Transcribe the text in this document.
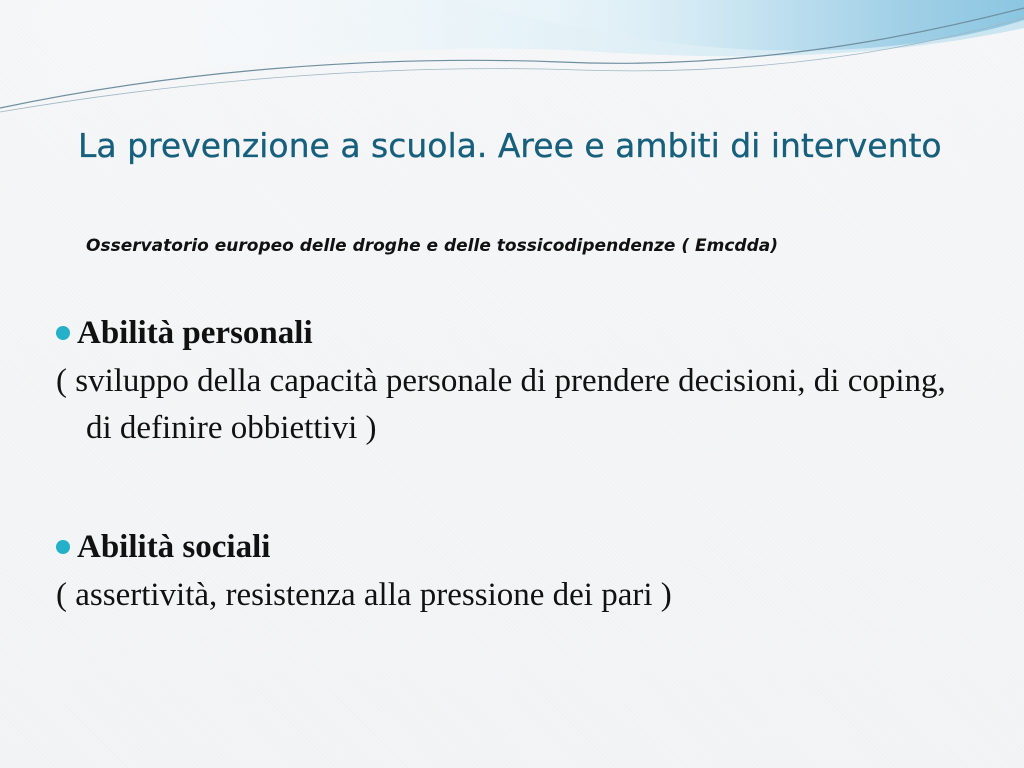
La prevenzione a scuola. Aree e ambiti di intervento
Osservatorio europeo delle droghe e delle tossicodipendenze ( Emcdda)
Abilità personali
( sviluppo della capacità personale di prendere decisioni, di coping, di definire obbiettivi )
Abilità sociali
( assertività, resistenza alla pressione dei pari )
